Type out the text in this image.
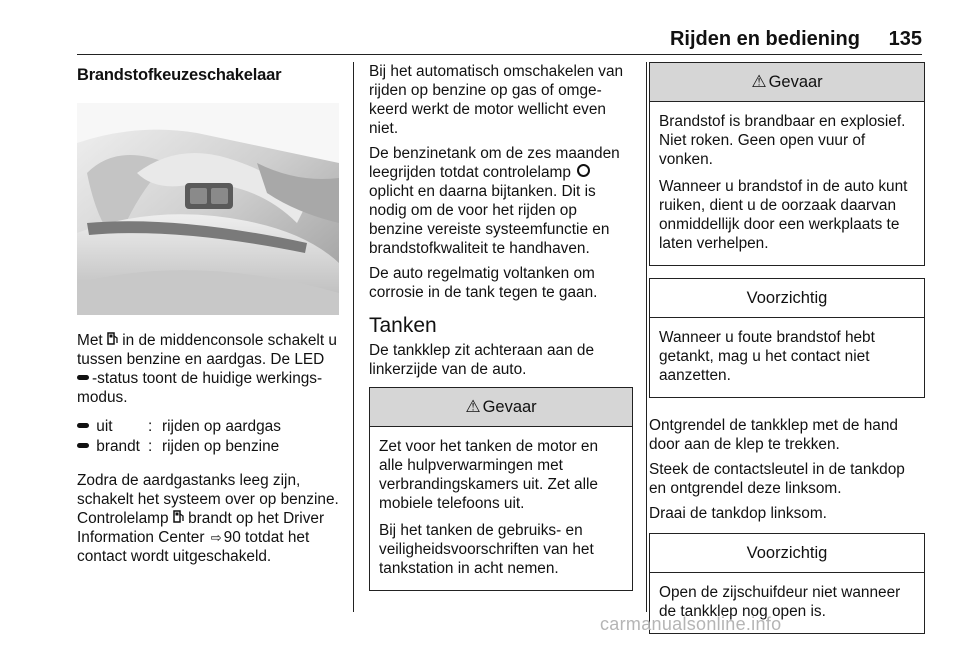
Rijden en bediening 135
Brandstofkeuzeschakelaar

Met  in de middenconsole schakelt u tussen benzine en aardgas. De LED -status toont de huidige werkingsmodus.

uit	: rijden op aardgas
brandt : rijden op benzine

Zodra de aardgastanks leeg zijn, schakelt het systeem over op benzine. Controlelamp  brandt op het Driver Information Center ⇨ 90 totdat het contact wordt uitgeschakeld.

Bij het automatisch omschakelen van rijden op benzine op gas of omgekeerd werkt de motor wellicht even niet.

De benzinetank om de zes maanden leegrijden totdat controlelamp  oplicht en daarna bijtanken. Dit is nodig om de voor het rijden op benzine vereiste systeemfunctie en brandstofkwaliteit te handhaven.

De auto regelmatig voltanken om corrosie in de tank tegen te gaan.

Tanken

De tankklep zit achteraan aan de linkerzijde van de auto.

⚠ Gevaar

Zet voor het tanken de motor en alle hulpverwarmingen met verbrandingskamers uit. Zet alle mobiele telefoons uit.

Bij het tanken de gebruiks- en veiligheidsvoorschriften van het tankstation in acht nemen.

⚠ Gevaar

Brandstof is brandbaar en explosief. Niet roken. Geen open vuur of vonken.

Wanneer u brandstof in de auto kunt ruiken, dient u de oorzaak daarvan onmiddellijk door een werkplaats te laten verhelpen.

Voorzichtig

Wanneer u foute brandstof hebt getankt, mag u het contact niet aanzetten.

Ontgrendel de tankklep met de hand door aan de klep te trekken.

Steek de contactsleutel in de tankdop en ontgrendel deze linksom.

Draai de tankdop linksom.

Voorzichtig

Open de zijschuifdeur niet wanneer de tankklep nog open is.

carmanualsonline.info
